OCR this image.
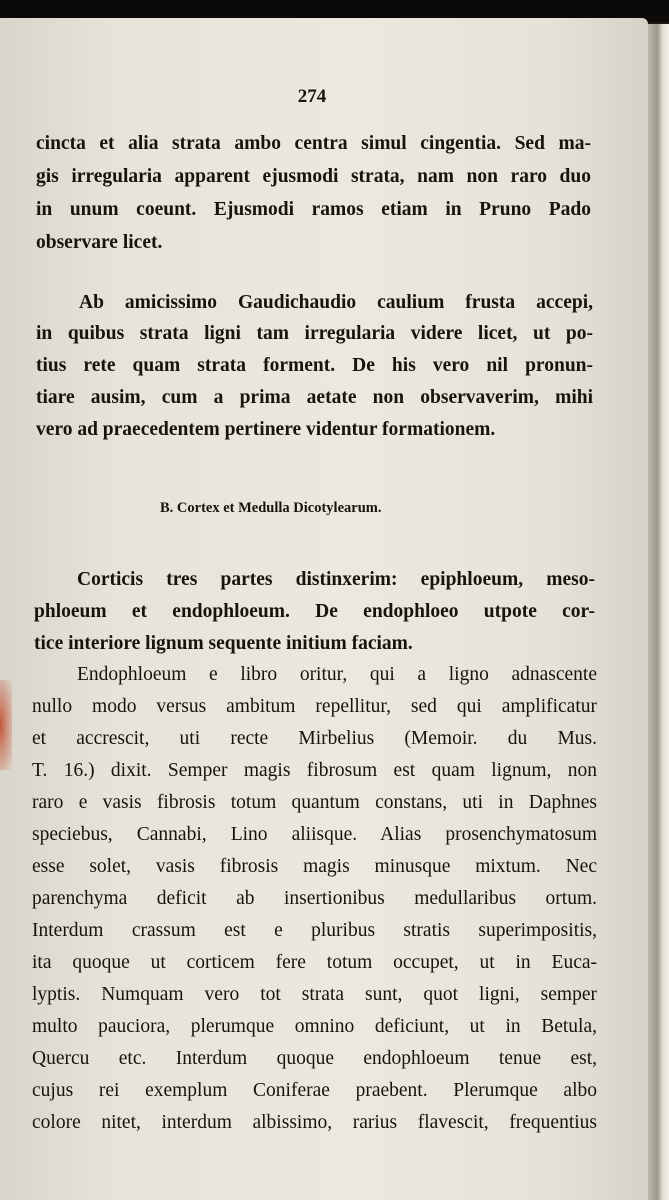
274
cincta et alia strata ambo centra simul cingentia. Sed ma-
gis irregularia apparent ejusmodi strata, nam non raro duo
in unum coeunt. Ejusmodi ramos etiam in Pruno Pado
observare licet.
Ab amicissimo Gaudichaudio caulium frusta accepi,
in quibus strata ligni tam irregularia videre licet, ut po-
tius rete quam strata forment. De his vero nil pronun-
tiare ausim, cum a prima aetate non observaverim, mihi
vero ad praecedentem pertinere videntur formationem.
B. Cortex et Medulla Dicotylearum.
Corticis tres partes distinxerim: epiphloeum, meso-
phloeum et endophloeum. De endophloeo utpote cor-
tice interiore lignum sequente initium faciam.
Endophloeum e libro oritur, qui a ligno adnascente
nullo modo versus ambitum repellitur, sed qui amplificatur
et accrescit, uti recte Mirbelius (Memoir. du Mus.
T. 16.) dixit. Semper magis fibrosum est quam lignum, non
raro e vasis fibrosis totum quantum constans, uti in Daphnes
speciebus, Cannabi, Lino aliisque. Alias prosenchymatosum
esse solet, vasis fibrosis magis minusque mixtum. Nec
parenchyma deficit ab insertionibus medullaribus ortum.
Interdum crassum est e pluribus stratis superimpositis,
ita quoque ut corticem fere totum occupet, ut in Euca-
lyptis. Numquam vero tot strata sunt, quot ligni, semper
multo pauciora, plerumque omnino deficiunt, ut in Betula,
Quercu etc. Interdum quoque endophloeum tenue est,
cujus rei exemplum Coniferae praebent. Plerumque albo
colore nitet, interdum albissimo, rarius flavescit, frequentius
